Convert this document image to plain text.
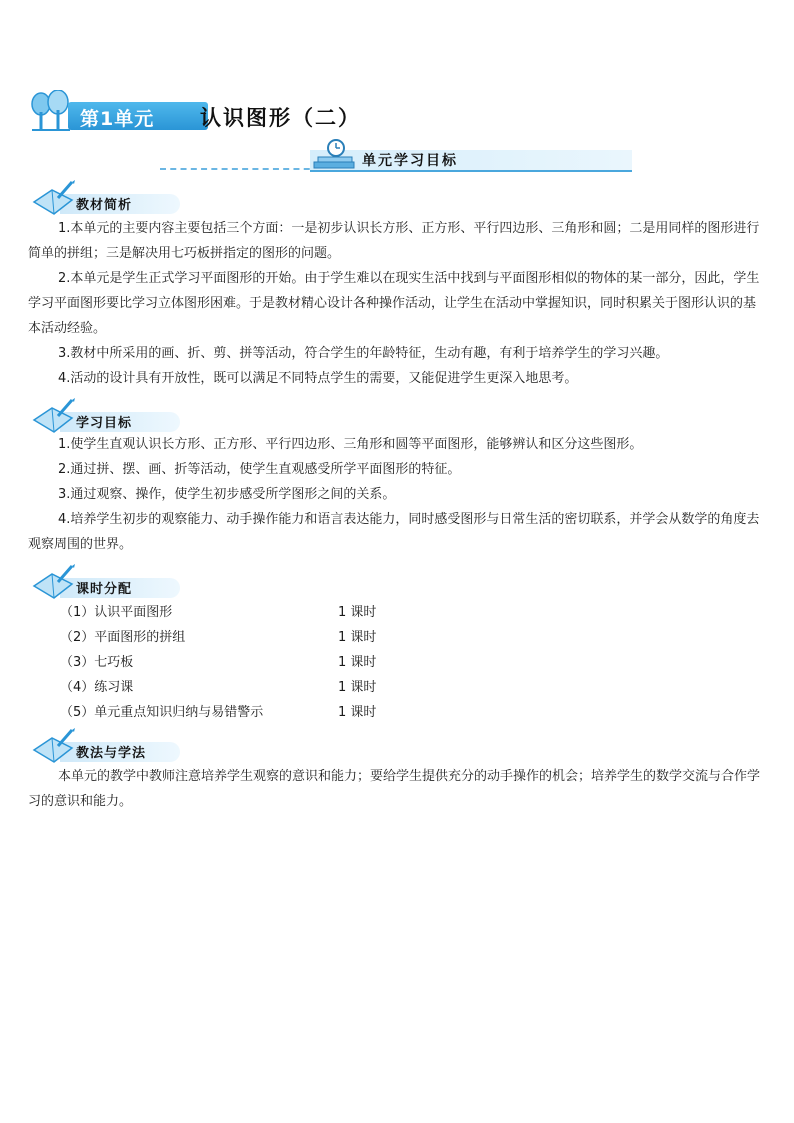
第1单元 认识图形（二）
单元学习目标
教材简析

1.本单元的主要内容主要包括三个方面：一是初步认识长方形、正方形、平行四边形、三角形和圆；二是用同样的图形进行简单的拼组；三是解决用七巧板拼指定的图形的问题。

2.本单元是学生正式学习平面图形的开始。由于学生难以在现实生活中找到与平面图形相似的物体的某一部分，因此，学生学习平面图形要比学习立体图形困难。于是教材精心设计各种操作活动，让学生在活动中掌握知识，同时积累关于图形认识的基本活动经验。

3.教材中所采用的画、折、剪、拼等活动，符合学生的年龄特征，生动有趣，有利于培养学生的学习兴趣。

4.活动的设计具有开放性，既可以满足不同特点学生的需要，又能促进学生更深入地思考。

学习目标

1.使学生直观认识长方形、正方形、平行四边形、三角形和圆等平面图形，能够辨认和区分这些图形。

2.通过拼、摆、画、折等活动，使学生直观感受所学平面图形的特征。

3.通过观察、操作，使学生初步感受所学图形之间的关系。

4.培养学生初步的观察能力、动手操作能力和语言表达能力，同时感受图形与日常生活的密切联系，并学会从数学的角度去观察周围的世界。

课时分配
（1）认识平面图形	1 课时
（2）平面图形的拼组	1 课时
（3）七巧板	1 课时
（4）练习课	1 课时
（5）单元重点知识归纳与易错警示	1 课时
教法与学法

本单元的教学中教师注意培养学生观察的意识和能力；要给学生提供充分的动手操作的机会；培养学生的数学交流与合作学习的意识和能力。
